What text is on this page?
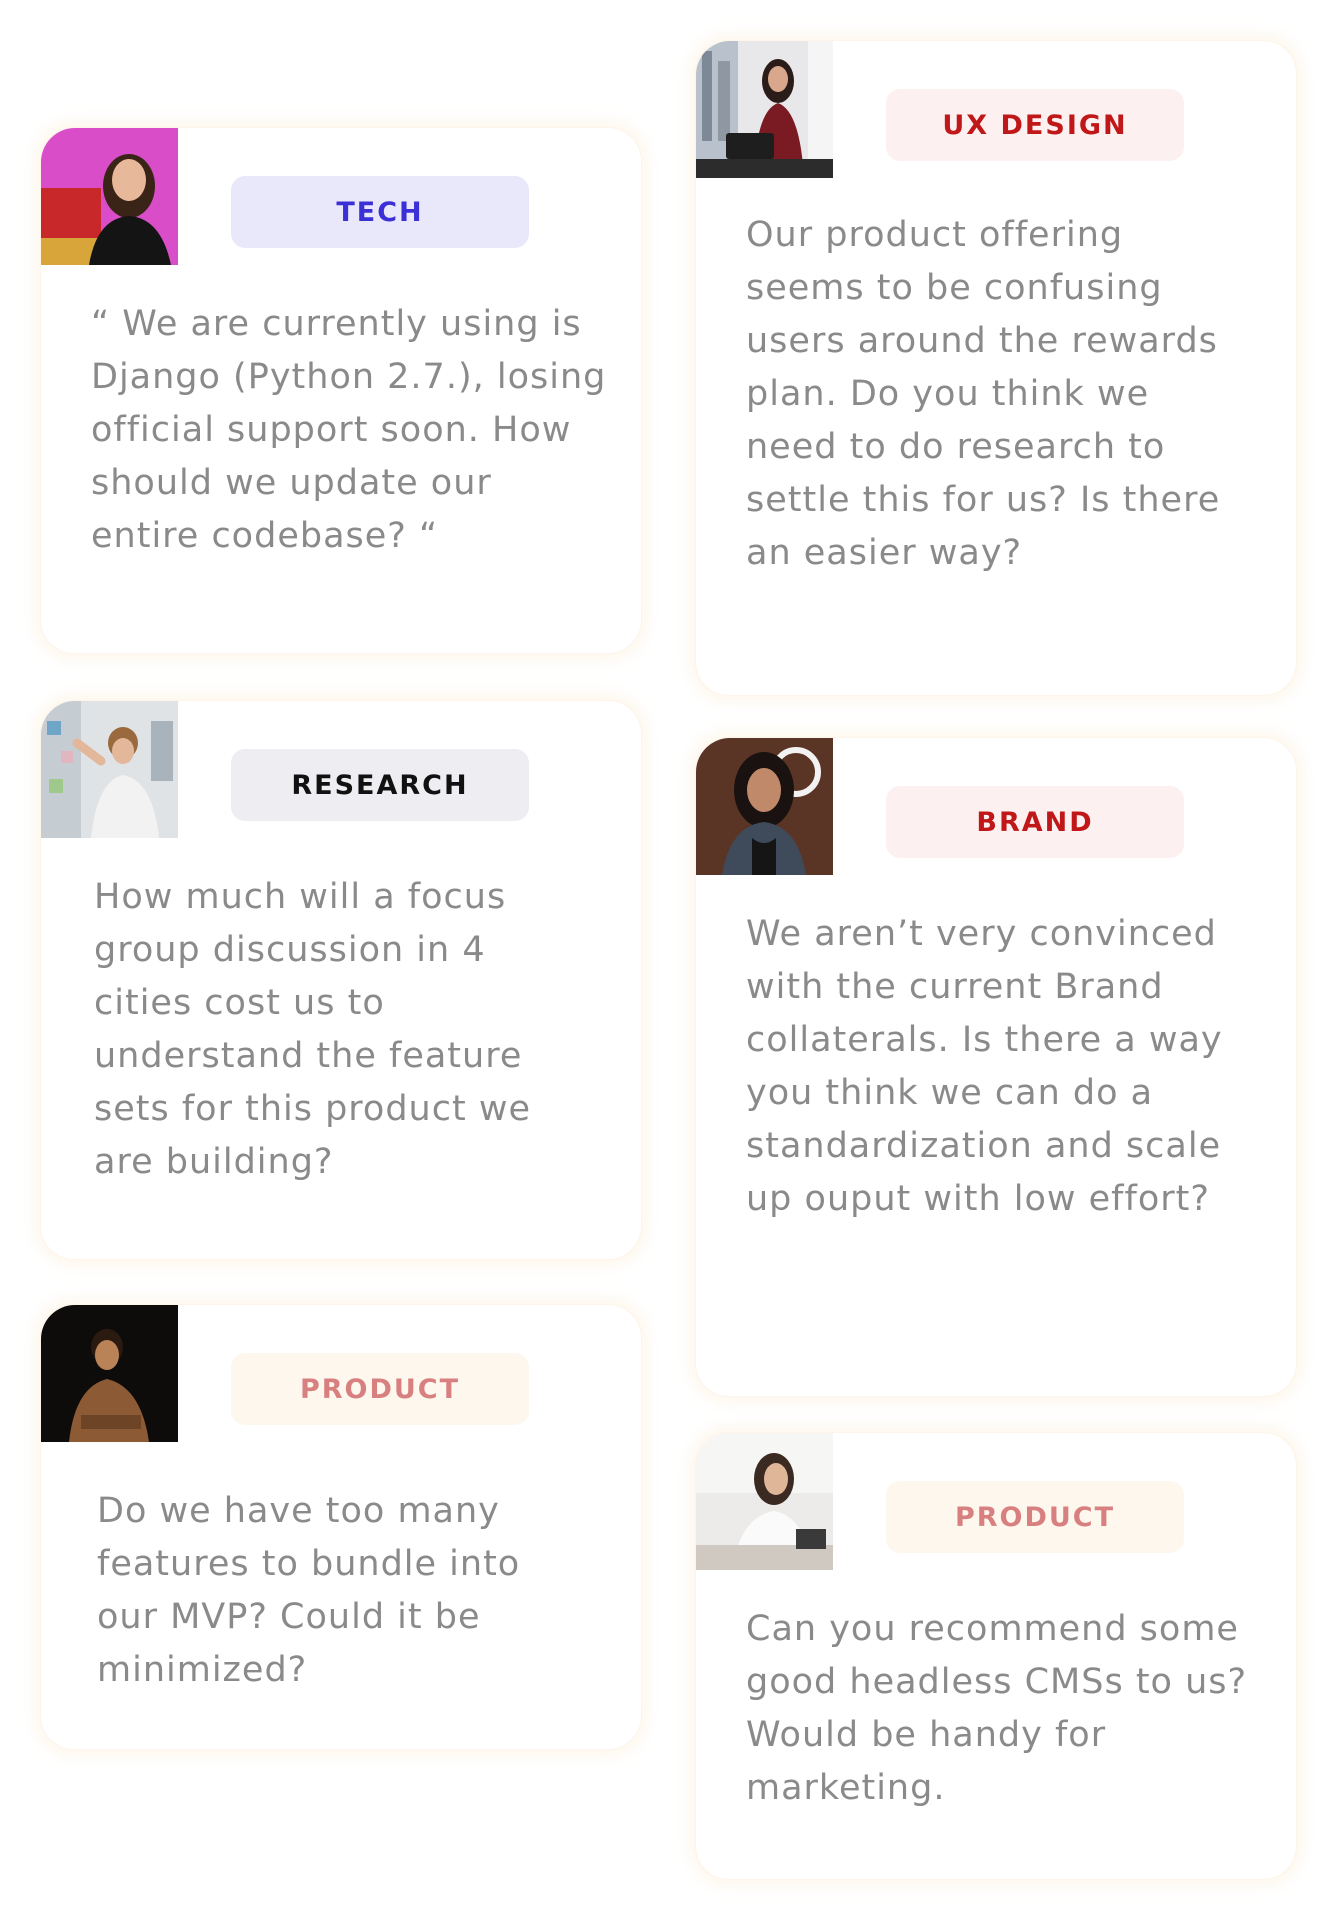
TECH

“ We are currently using is
Django (Python 2.7.), losing
official support soon. How
should we update our
entire codebase? “

UX DESIGN

Our product offering
seems to be confusing
users around the rewards
plan. Do you think we
need to do research to
settle this for us? Is there
an easier way?

RESEARCH

How much will a focus
group discussion in 4
cities cost us to
understand the feature
sets for this product we
are building?

BRAND

We aren’t very convinced
with the current Brand
collaterals. Is there a way
you think we can do a
standardization and scale
up ouput with low effort?

PRODUCT

Do we have too many
features to bundle into
our MVP? Could it be
minimized?

PRODUCT

Can you recommend some
good headless CMSs to us?
Would be handy for
marketing.
